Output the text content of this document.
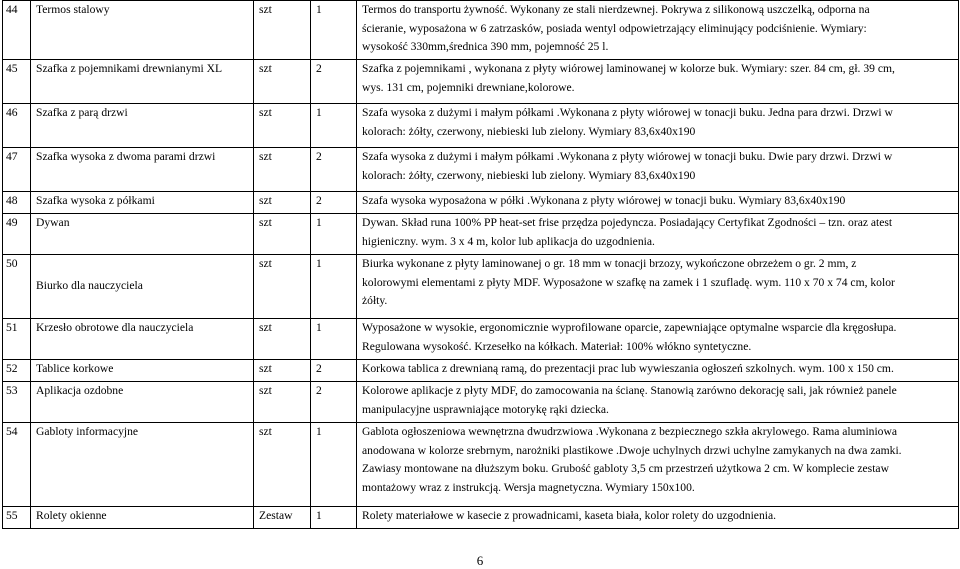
44	Termos stalowy	szt	1	Termos do transportu żywność. Wykonany ze stali nierdzewnej. Pokrywa z silikonową uszczelką, odporna na
ścieranie, wyposażona w 6 zatrzasków, posiada wentyl odpowietrzający eliminujący podciśnienie. Wymiary:
wysokość 330mm,średnica 390 mm, pojemność 25 l.

45	Szafka z pojemnikami drewnianymi XL	szt	2	Szafka z pojemnikami , wykonana z płyty wiórowej laminowanej w kolorze buk. Wymiary: szer. 84 cm, gł. 39 cm,
wys. 131 cm, pojemniki drewniane,kolorowe.

46	Szafka z parą drzwi	szt	1	Szafa wysoka z dużymi i małym półkami .Wykonana z płyty wiórowej w tonacji buku. Jedna para drzwi. Drzwi w
kolorach: żółty, czerwony, niebieski lub zielony. Wymiary 83,6x40x190

47	Szafka wysoka z dwoma parami drzwi	szt	2	Szafa wysoka z dużymi i małym półkami .Wykonana z płyty wiórowej w tonacji buku. Dwie pary drzwi. Drzwi w
kolorach: żółty, czerwony, niebieski lub zielony. Wymiary 83,6x40x190

48	Szafka wysoka z półkami	szt	2	Szafa wysoka wyposażona w półki .Wykonana z płyty wiórowej w tonacji buku. Wymiary 83,6x40x190

49	Dywan	szt	1	Dywan. Skład runa 100% PP heat-set frise przędza pojedyncza. Posiadający Certyfikat Zgodności – tzn. oraz atest
higieniczny. wym. 3 x 4 m, kolor lub aplikacja do uzgodnienia.

50	Biurko dla nauczyciela	szt	1	Biurka wykonane z płyty laminowanej o gr. 18 mm w tonacji brzozy, wykończone obrzeżem o gr. 2 mm, z
kolorowymi elementami z płyty MDF. Wyposażone w szafkę na zamek i 1 szufladę. wym. 110 x 70 x 74 cm, kolor
żółty.

51	Krzesło obrotowe dla nauczyciela	szt	1	Wyposażone w wysokie, ergonomicznie wyprofilowane oparcie, zapewniające optymalne wsparcie dla kręgosłupa.
Regulowana wysokość. Krzesełko na kółkach. Materiał: 100% włókno syntetyczne.

52	Tablice korkowe	szt	2	Korkowa tablica z drewnianą ramą, do prezentacji prac lub wywieszania ogłoszeń szkolnych. wym. 100 x 150 cm.

53	Aplikacja ozdobne	szt	2	Kolorowe aplikacje z płyty MDF, do zamocowania na ścianę. Stanowią zarówno dekorację sali, jak również panele
manipulacyjne usprawniające motorykę rąki dziecka.

54	Gabloty informacyjne	szt	1	Gablota ogłoszeniowa wewnętrzna dwudrzwiowa .Wykonana z bezpiecznego szkła akrylowego. Rama aluminiowa
anodowana w kolorze srebrnym, narożniki plastikowe .Dwoje uchylnych drzwi uchylne zamykanych na dwa zamki.
Zawiasy montowane na dłuższym boku. Grubość gabloty 3,5 cm przestrzeń użytkowa 2 cm. W komplecie zestaw
montażowy wraz z instrukcją. Wersja magnetyczna. Wymiary 150x100.

55	Rolety okienne	Zestaw	1	Rolety materiałowe w kasecie z prowadnicami, kaseta biała, kolor rolety do uzgodnienia.
6
